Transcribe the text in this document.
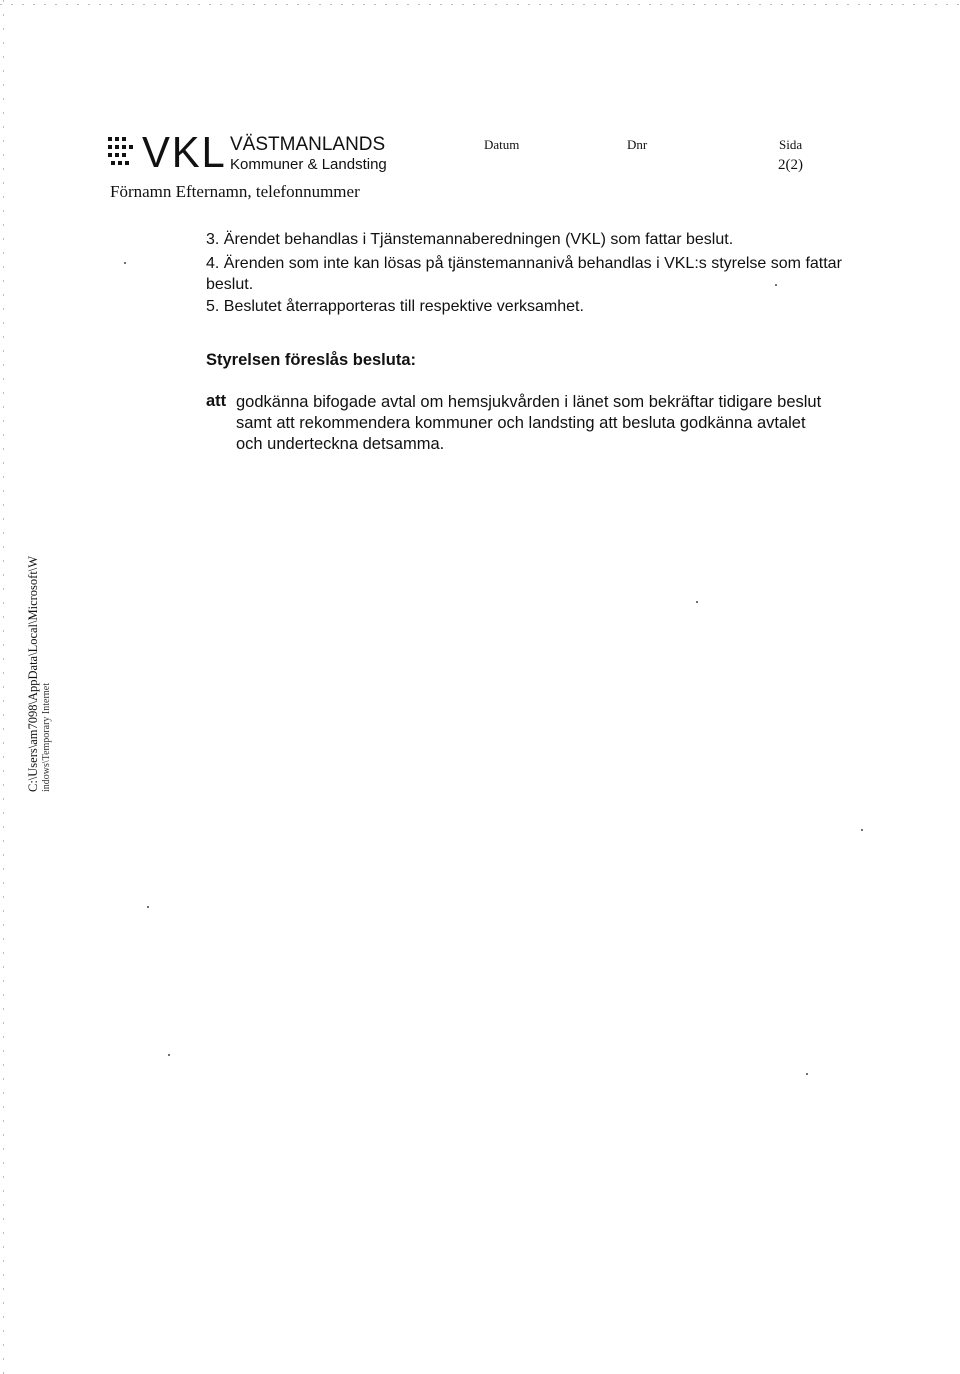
VKL VÄSTMANLANDS
Kommuner & Landsting
Datum	Dnr	Sida
2(2)
Förnamn Efternamn, telefonnummer
3. Ärendet behandlas i Tjänstemannaberedningen (VKL) som fattar beslut.
4. Ärenden som inte kan lösas på tjänstemannanivå behandlas i VKL:s styrelse som fattar beslut.
5. Beslutet återrapporteras till respektive verksamhet.
Styrelsen föreslås besluta:
att godkänna bifogade avtal om hemsjukvården i länet som bekräftar tidigare beslut samt att rekommendera kommuner och landsting att besluta godkänna avtalet och underteckna detsamma.
C:\Users\am7098\AppData\Local\Microsoft\W indows\Temporary Internet
